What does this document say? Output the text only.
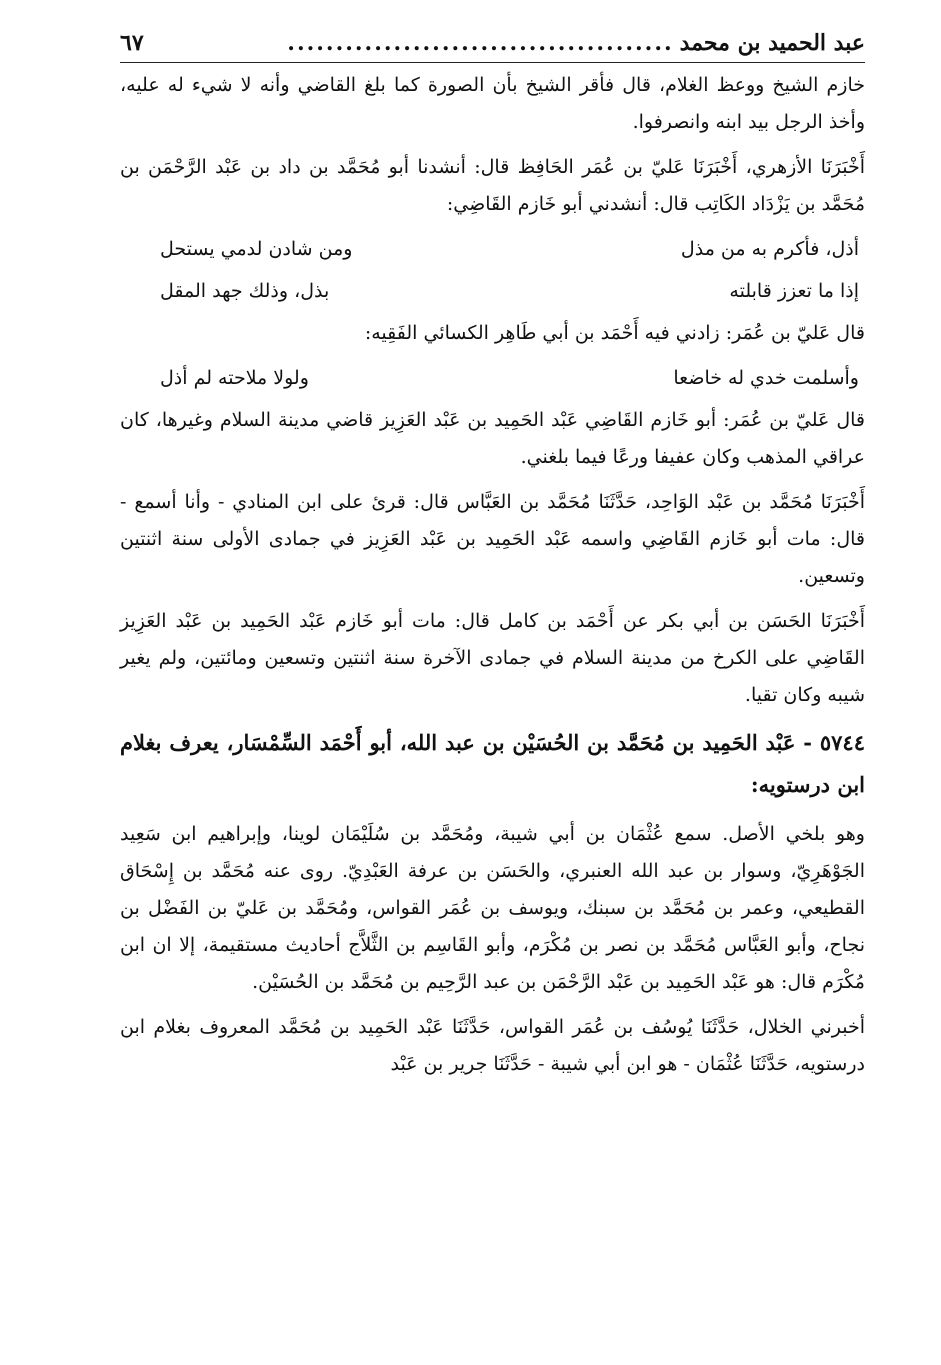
عبد الحميد بن محمد
........................................
٦٧

خازم الشيخ ووعظ الغلام، قال فأقر الشيخ بأن الصورة كما بلغ القاضي وأنه لا شيء له عليه، وأخذ الرجل بيد ابنه وانصرفوا.

أَخْبَرَنَا الأزهري، أَخْبَرَنَا عَليّ بن عُمَر الحَافِظ قال: أنشدنا أبو مُحَمَّد بن داد بن عَبْد الرَّحْمَن بن مُحَمَّد بن يَزْدَاد الكَاتِب قال: أنشدني أبو خَازم القَاضِي:

أذل، فأكرم به من مذل
ومن شادن لدمي يستحل
إذا ما تعزز قابلته
بذل، وذلك جهد المقل

قال عَليّ بن عُمَر: زادني فيه أَحْمَد بن أبي طَاهِر الكسائي الفَقِيه:

وأسلمت خدي له خاضعا
ولولا ملاحته لم أذل

قال عَليّ بن عُمَر: أبو خَازم القَاضِي عَبْد الحَمِيد بن عَبْد العَزِيز قاضي مدينة السلام وغيرها، كان عراقي المذهب وكان عفيفا ورعًا فيما بلغني.

أَخْبَرَنَا مُحَمَّد بن عَبْد الوَاحِد، حَدَّثَنَا مُحَمَّد بن العَبَّاس قال: قرئ على ابن المنادي - وأنا أسمع - قال: مات أبو خَازم القَاضِي واسمه عَبْد الحَمِيد بن عَبْد العَزِيز في جمادى الأولى سنة اثنتين وتسعين.

أَخْبَرَنَا الحَسَن بن أبي بكر عن أَحْمَد بن كامل قال: مات أبو خَازم عَبْد الحَمِيد بن عَبْد العَزِيز القَاضِي على الكرخ من مدينة السلام في جمادى الآخرة سنة اثنتين وتسعين ومائتين، ولم يغير شيبه وكان تقيا.

٥٧٤٤ - عَبْد الحَمِيد بن مُحَمَّد بن الحُسَيْن بن عبد الله، أبو أَحْمَد السِّمْسَار، يعرف بغلام ابن درستويه:

وهو بلخي الأصل. سمع عُثْمَان بن أبي شيبة، ومُحَمَّد بن سُلَيْمَان لوينا، وإبراهيم ابن سَعِيد الجَوْهَرِيّ، وسوار بن عبد الله العنبري، والحَسَن بن عرفة العَبْدِيّ. روى عنه مُحَمَّد بن إِسْحَاق القطيعي، وعمر بن مُحَمَّد بن سبنك، ويوسف بن عُمَر القواس، ومُحَمَّد بن عَليّ بن الفَضْل بن نجاح، وأبو العَبَّاس مُحَمَّد بن نصر بن مُكْرَم، وأبو القَاسِم بن الثَّلاَّج أحاديث مستقيمة، إلا ان ابن مُكْرَم قال: هو عَبْد الحَمِيد بن عَبْد الرَّحْمَن بن عبد الرَّحِيم بن مُحَمَّد بن الحُسَيْن.

أخبرني الخلال، حَدَّثَنَا يُوسُف بن عُمَر القواس، حَدَّثَنَا عَبْد الحَمِيد بن مُحَمَّد المعروف بغلام ابن درستويه، حَدَّثَنَا عُثْمَان - هو ابن أبي شيبة - حَدَّثَنَا جرير بن عَبْد
